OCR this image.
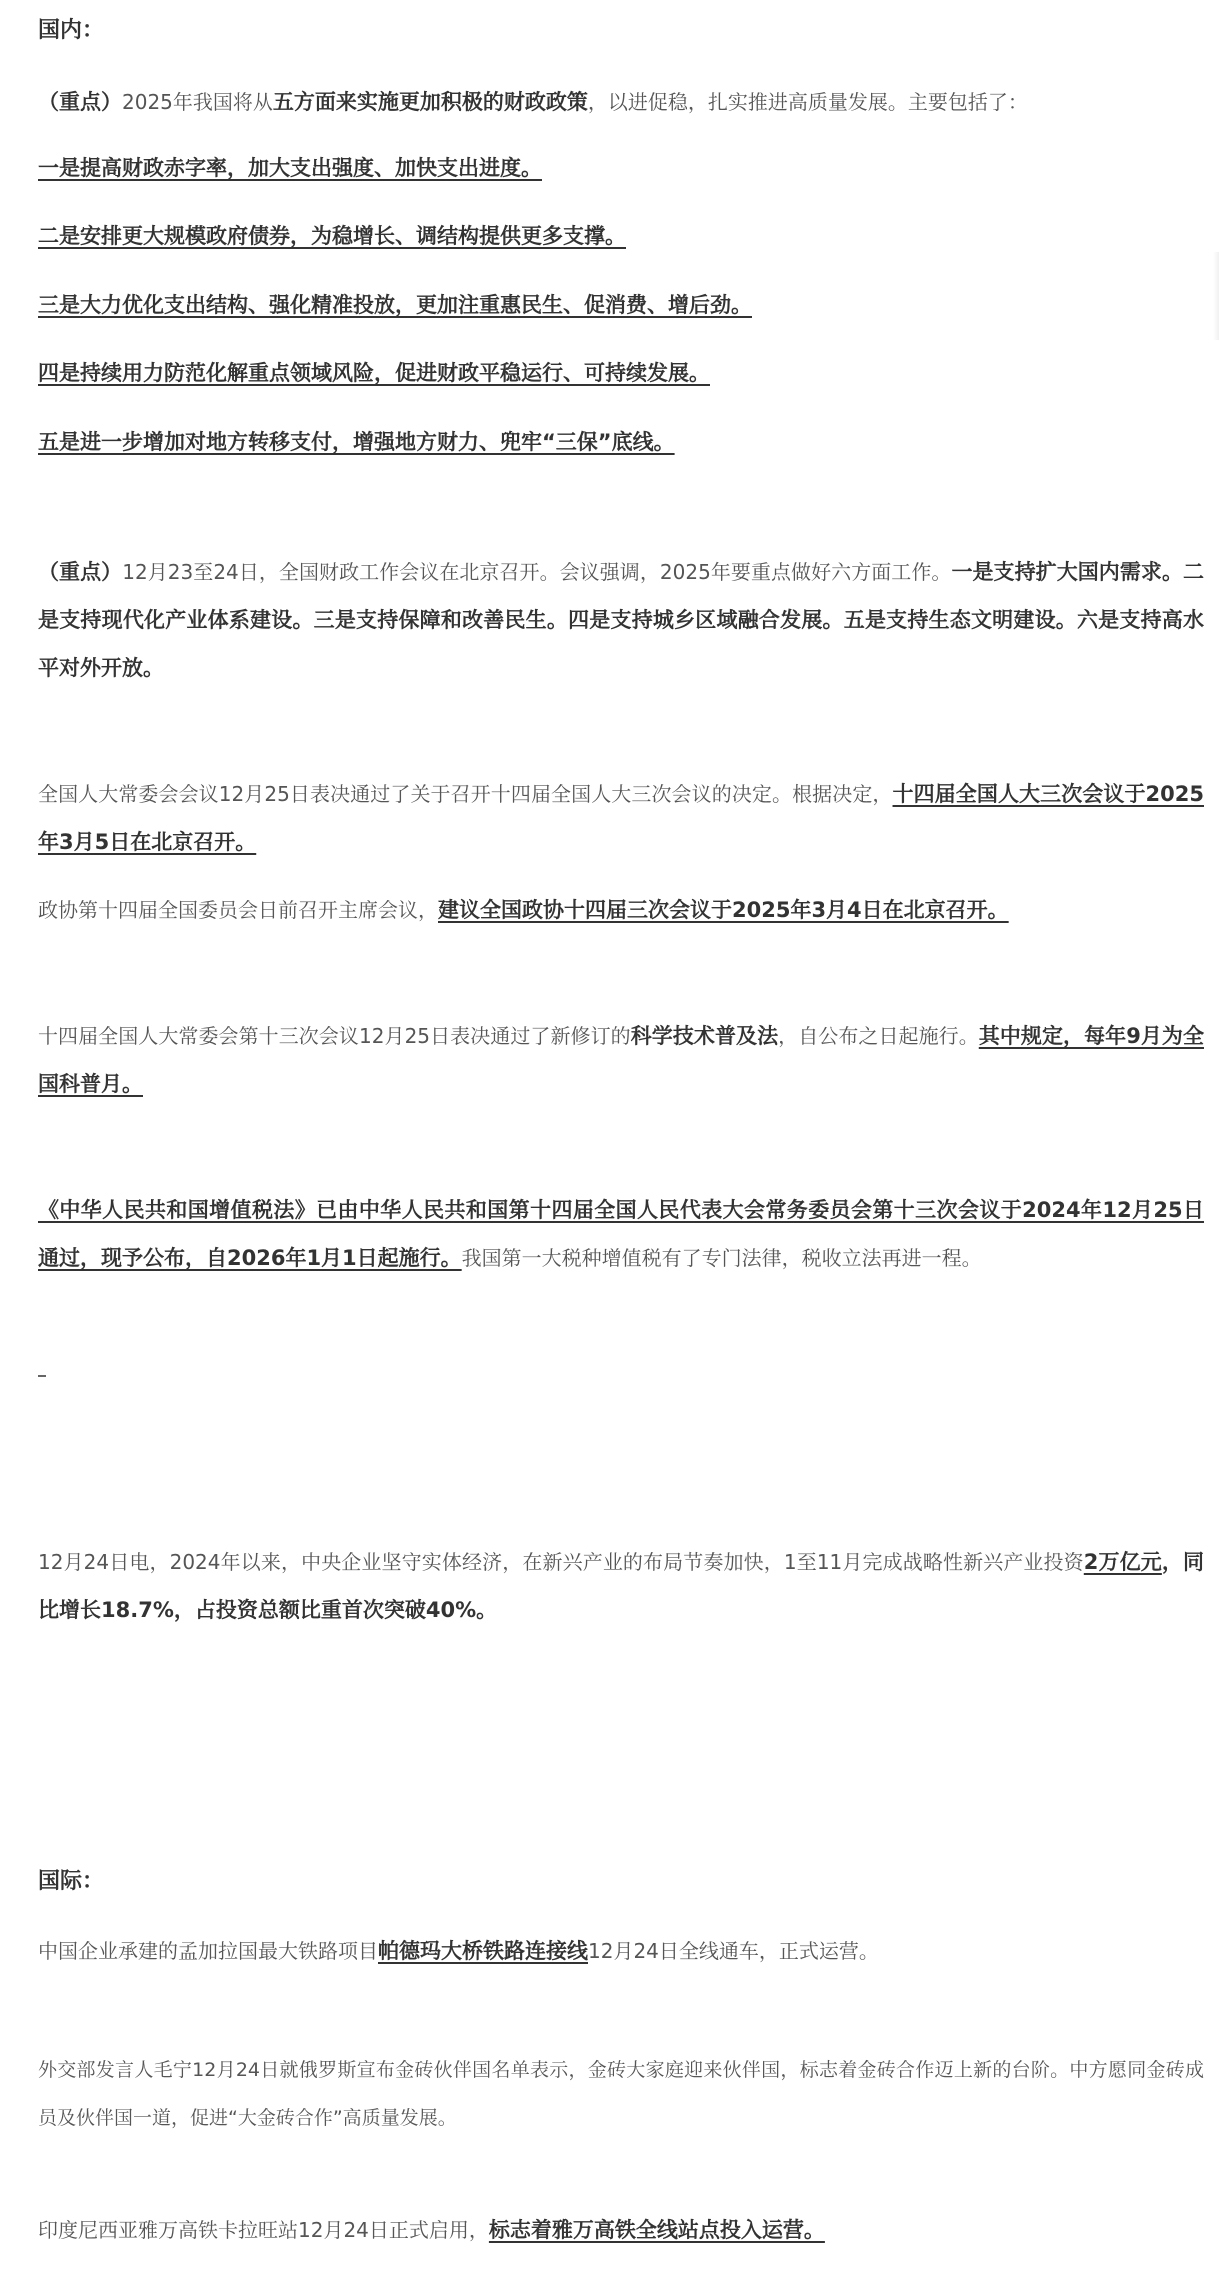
国内：
（重点）2025年我国将从五方面来实施更加积极的财政政策，以进促稳，扎实推进高质量发展。主要包括了：
一是提高财政赤字率，加大支出强度、加快支出进度。
二是安排更大规模政府债券，为稳增长、调结构提供更多支撑。
三是大力优化支出结构、强化精准投放，更加注重惠民生、促消费、增后劲。
四是持续用力防范化解重点领域风险，促进财政平稳运行、可持续发展。
五是进一步增加对地方转移支付，增强地方财力、兜牢“三保”底线。
（重点）12月23至24日，全国财政工作会议在北京召开。会议强调，2025年要重点做好六方面工作。一是支持扩大国内需求。二是支持现代化产业体系建设。三是支持保障和改善民生。四是支持城乡区域融合发展。五是支持生态文明建设。六是支持高水平对外开放。
全国人大常委会会议12月25日表决通过了关于召开十四届全国人大三次会议的决定。根据决定，十四届全国人大三次会议于2025年3月5日在北京召开。
政协第十四届全国委员会日前召开主席会议，建议全国政协十四届三次会议于2025年3月4日在北京召开。
十四届全国人大常委会第十三次会议12月25日表决通过了新修订的科学技术普及法，自公布之日起施行。其中规定，每年9月为全国科普月。
《中华人民共和国增值税法》已由中华人民共和国第十四届全国人民代表大会常务委员会第十三次会议于2024年12月25日通过，现予公布，自2026年1月1日起施行。我国第一大税种增值税有了专门法律，税收立法再进一程。
12月24日电，2024年以来，中央企业坚守实体经济，在新兴产业的布局节奏加快，1至11月完成战略性新兴产业投资2万亿元，同比增长18.7%，占投资总额比重首次突破40%。
国际：
中国企业承建的孟加拉国最大铁路项目帕德玛大桥铁路连接线12月24日全线通车，正式运营。
外交部发言人毛宁12月24日就俄罗斯宣布金砖伙伴国名单表示，金砖大家庭迎来伙伴国，标志着金砖合作迈上新的台阶。中方愿同金砖成员及伙伴国一道，促进“大金砖合作”高质量发展。
印度尼西亚雅万高铁卡拉旺站12月24日正式启用，标志着雅万高铁全线站点投入运营。
